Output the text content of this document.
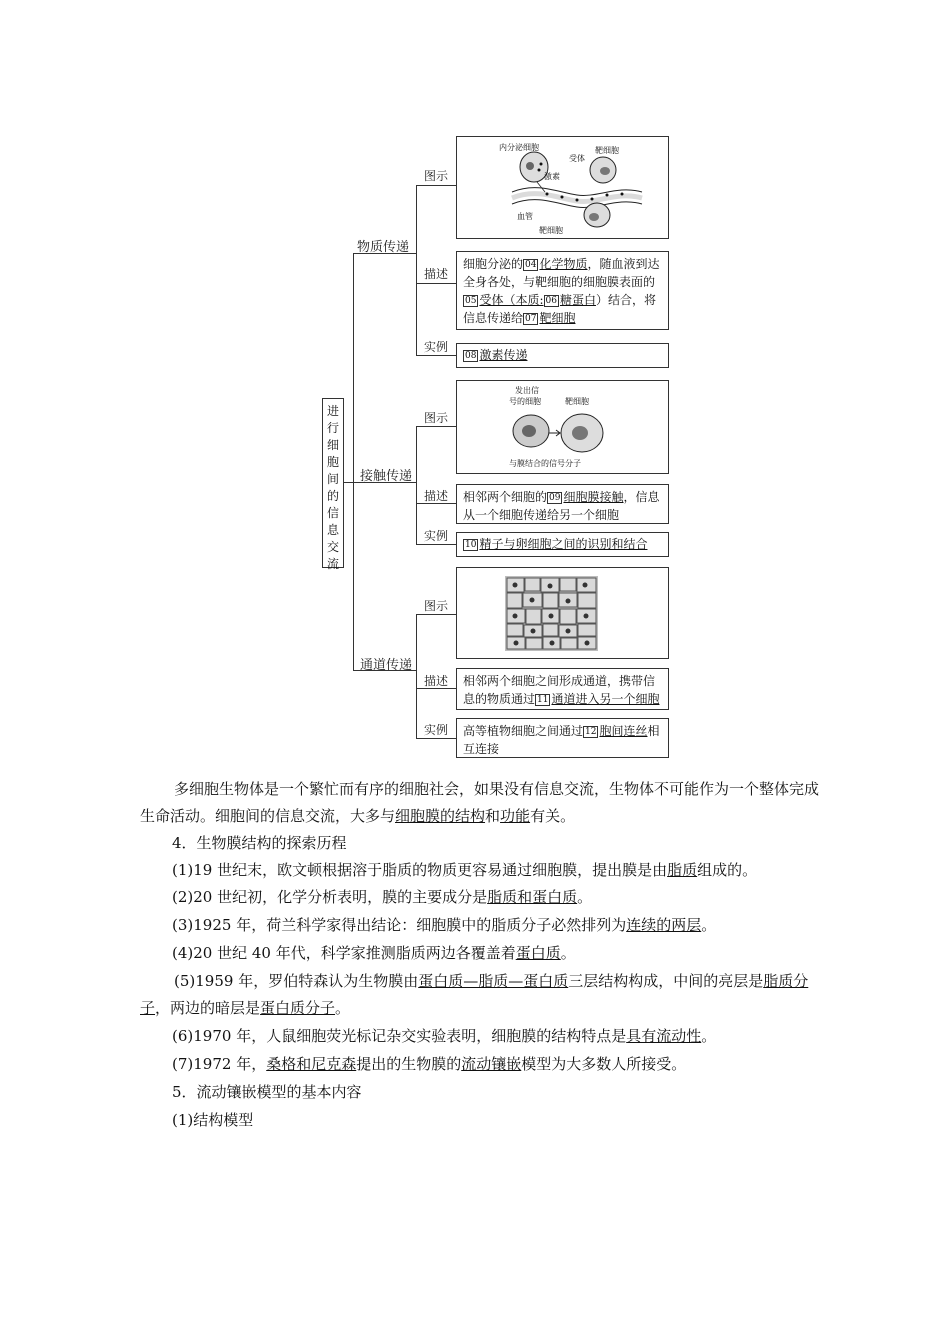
进行细胞间的信息交流
物质传递
图示
描述
实例
内分泌细胞
受体
靶细胞
激素
血管
靶细胞
细胞分泌的 04 化学物质，随血液到达全身各处，与靶细胞的细胞膜表面的05 受体（本质: 06 糖蛋白）结合，将信息传递给 07 靶细胞
08 激素传递
接触传递
图示
描述
实例
发出信
号的细胞	靶细胞
与膜结合的信号分子
相邻两个细胞的 09 细胞膜接触，信息从一个细胞传递给另一个细胞
10 精子与卵细胞之间的识别和结合
通道传递
图示
描述
实例
相邻两个细胞之间形成通道，携带信息的物质通过 11 通道进入另一个细胞
高等植物细胞之间通过 12 胞间连丝相互连接
多细胞生物体是一个繁忙而有序的细胞社会，如果没有信息交流，生物体不可能作为一个整体完成生命活动。细胞间的信息交流，大多与细胞膜的结构和功能有关。
4．生物膜结构的探索历程
(1)19 世纪末，欧文顿根据溶于脂质的物质更容易通过细胞膜，提出膜是由脂质组成的。
(2)20 世纪初，化学分析表明，膜的主要成分是脂质和蛋白质。
(3)1925 年，荷兰科学家得出结论：细胞膜中的脂质分子必然排列为连续的两层。
(4)20 世纪 40 年代，科学家推测脂质两边各覆盖着蛋白质。
(5)1959 年，罗伯特森认为生物膜由蛋白质—脂质—蛋白质三层结构构成，中间的亮层是脂质分子，两边的暗层是蛋白质分子。
(6)1970 年，人鼠细胞荧光标记杂交实验表明，细胞膜的结构特点是具有流动性。
(7)1972 年，桑格和尼克森提出的生物膜的流动镶嵌模型为大多数人所接受。
5．流动镶嵌模型的基本内容
(1)结构模型
